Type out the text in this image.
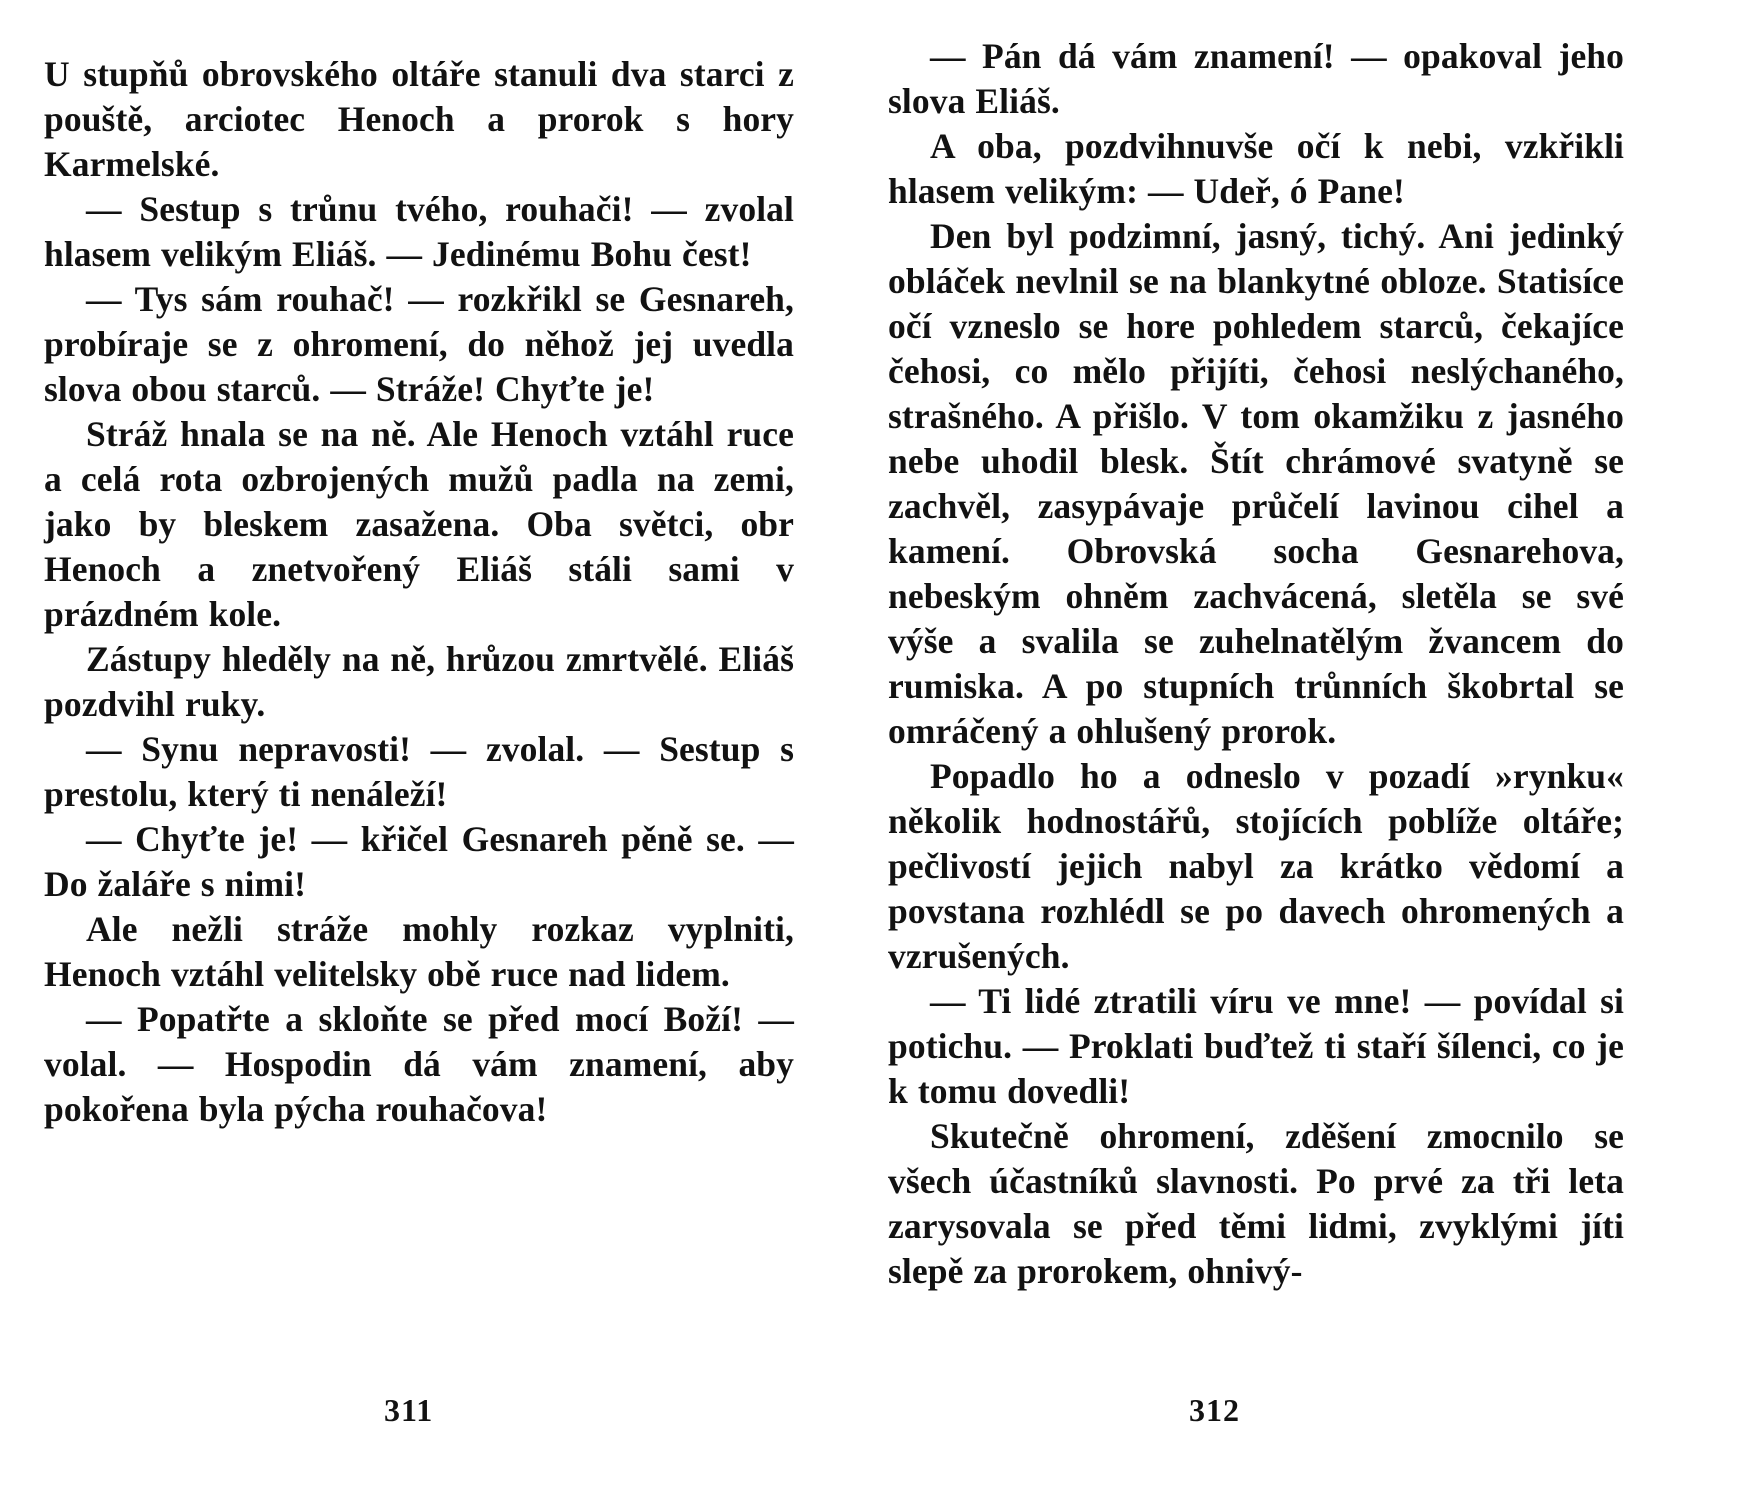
U stupňů obrovského oltáře stanuli dva starci z pouště, arciotec Henoch a prorok s hory Karmelské.

— Sestup s trůnu tvého, rouhači! — zvolal hlasem velikým Eliáš. — Jedinému Bohu čest!

— Tys sám rouhač! — rozkřikl se Gesnareh, probíraje se z ohromení, do něhož jej uvedla slova obou starců. — Stráže! Chyťte je!

Stráž hnala se na ně. Ale Henoch vztáhl ruce a celá rota ozbrojených mužů padla na zemi, jako by bleskem zasažena. Oba světci, obr Henoch a znetvořený Eliáš stáli sami v prázdném kole.

Zástupy hleděly na ně, hrůzou zmrtvělé. Eliáš pozdvihl ruky.

— Synu nepravosti! — zvolal. — Sestup s prestolu, který ti nenáleží!

— Chyťte je! — křičel Gesnareh pěně se. — Do žaláře s nimi!

Ale nežli stráže mohly rozkaz vyplniti, Henoch vztáhl velitelsky obě ruce nad lidem.

— Popatřte a skloňte se před mocí Boží! — volal. — Hospodin dá vám znamení, aby pokořena byla pýcha rouhačova!

— Pán dá vám znamení! — opakoval jeho slova Eliáš.

A oba, pozdvihnuvše očí k nebi, vzkřikli hlasem velikým: — Udeř, ó Pane!

Den byl podzimní, jasný, tichý. Ani jedinký obláček nevlnil se na blankytné obloze. Statisíce očí vzneslo se hore pohledem starců, čekajíce čehosi, co mělo přijíti, čehosi neslýchaného, strašného. A přišlo. V tom okamžiku z jasného nebe uhodil blesk. Štít chrámové svatyně se zachvěl, zasypávaje průčelí lavinou cihel a kamení. Obrovská socha Gesnarehova, nebeským ohněm zachvácená, sletěla se své výše a svalila se zuhelnatělým žvancem do rumiska. A po stupních trůnních škobrtal se omráčený a ohlušený prorok.

Popadlo ho a odneslo v pozadí »rynku« několik hodnostářů, stojících poblíže oltáře; pečlivostí jejich nabyl za krátko vědomí a povstana rozhlédl se po davech ohromených a vzrušených.

— Ti lidé ztratili víru ve mne! — povídal si potichu. — Proklati buďtež ti staří šílenci, co je k tomu dovedli!

Skutečně ohromení, zděšení zmocnilo se všech účastníků slavnosti. Po prvé za tři leta zarysovala se před těmi lidmi, zvyklými jíti slepě za prorokem, ohnivý-

311	312
